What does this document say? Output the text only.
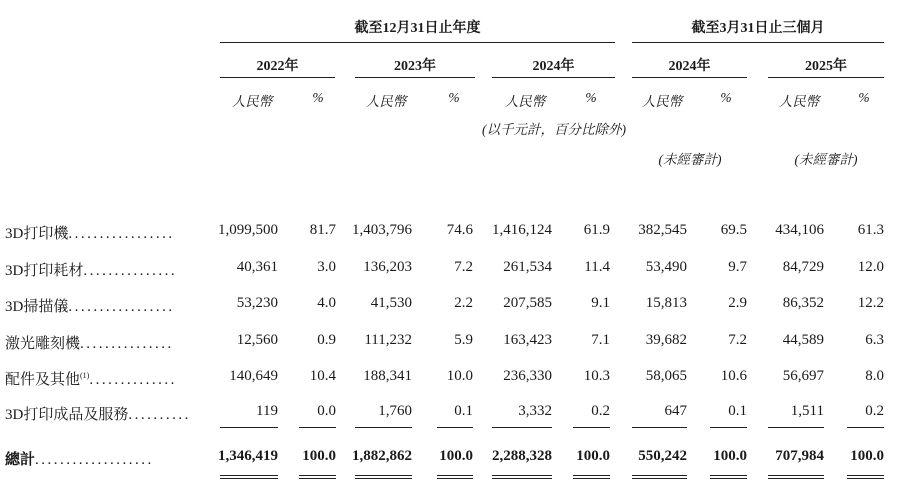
截至12月31日止年度	截至3月31日止三個月
2022年	2023年	2024年	2024年	2025年
人民幣	%	人民幣	%	人民幣	%	人民幣	%	人民幣	%
(以千元計，百分比除外)
(未經審計)	(未經審計)
3D打印機.................	1,099,500	81.7	1,403,796	74.6	1,416,124	61.9	382,545	69.5	434,106	61.3
3D打印耗材...............	40,361	3.0	136,203	7.2	261,534	11.4	53,490	9.7	84,729	12.0
3D掃描儀.................	53,230	4.0	41,530	2.2	207,585	9.1	15,813	2.9	86,352	12.2
激光雕刻機...............	12,560	0.9	111,232	5.9	163,423	7.1	39,682	7.2	44,589	6.3
配件及其他$^{(1)}$..............	140,649	10.4	188,341	10.0	236,330	10.3	58,065	10.6	56,697	8.0
3D打印成品及服務..........	119	0.0	1,760	0.1	3,332	0.2	647	0.1	1,511	0.2
總計...................	1,346,419	100.0	1,882,862	100.0	2,288,328	100.0	550,242	100.0	707,984	100.0
